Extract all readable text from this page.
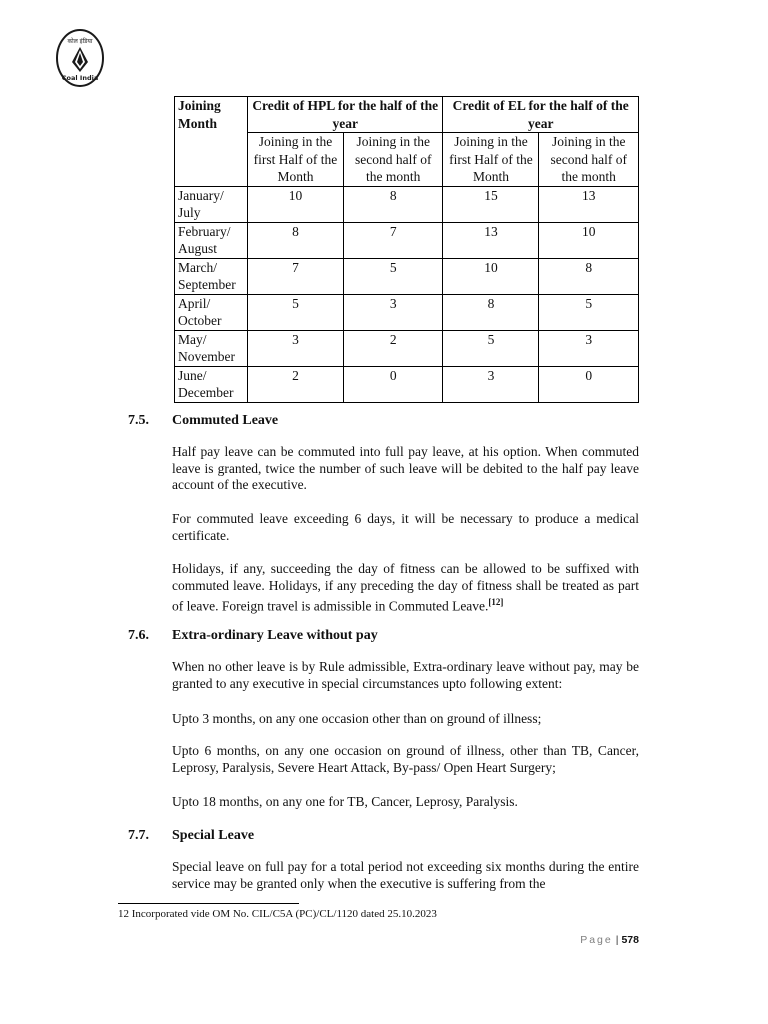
कोल इंडिया
Coal India
Joining Month	Credit of HPL for the half of the year		Credit of EL for the half of the year	
	Joining in the first Half of the Month	Joining in the second half of the month	Joining in the first Half of the Month	Joining in the second half of the month
January/ July	10	8	15	13
February/ August	8	7	13	10
March/ September	7	5	10	8
April/ October	5	3	8	5
May/ November	3	2	5	3
June/ December	2	0	3	0
7.5. Commuted Leave

Half pay leave can be commuted into full pay leave, at his option. When commuted leave is granted, twice the number of such leave will be debited to the half pay leave account of the executive.

For commuted leave exceeding 6 days, it will be necessary to produce a medical certificate.

Holidays, if any, succeeding the day of fitness can be allowed to be suffixed with commuted leave. Holidays, if any preceding the day of fitness shall be treated as part of leave. Foreign travel is admissible in Commuted Leave.[12]

7.6. Extra-ordinary Leave without pay

When no other leave is by Rule admissible, Extra-ordinary leave without pay, may be granted to any executive in special circumstances upto following extent:

Upto 3 months, on any one occasion other than on ground of illness;

Upto 6 months, on any one occasion on ground of illness, other than TB, Cancer, Leprosy, Paralysis, Severe Heart Attack, By-pass/ Open Heart Surgery;

Upto 18 months, on any one for TB, Cancer, Leprosy, Paralysis.

7.7. Special Leave

Special leave on full pay for a total period not exceeding six months during the entire service may be granted only when the executive is suffering from the

12 Incorporated vide OM No. CIL/C5A (PC)/CL/1120 dated 25.10.2023
Page | 578
